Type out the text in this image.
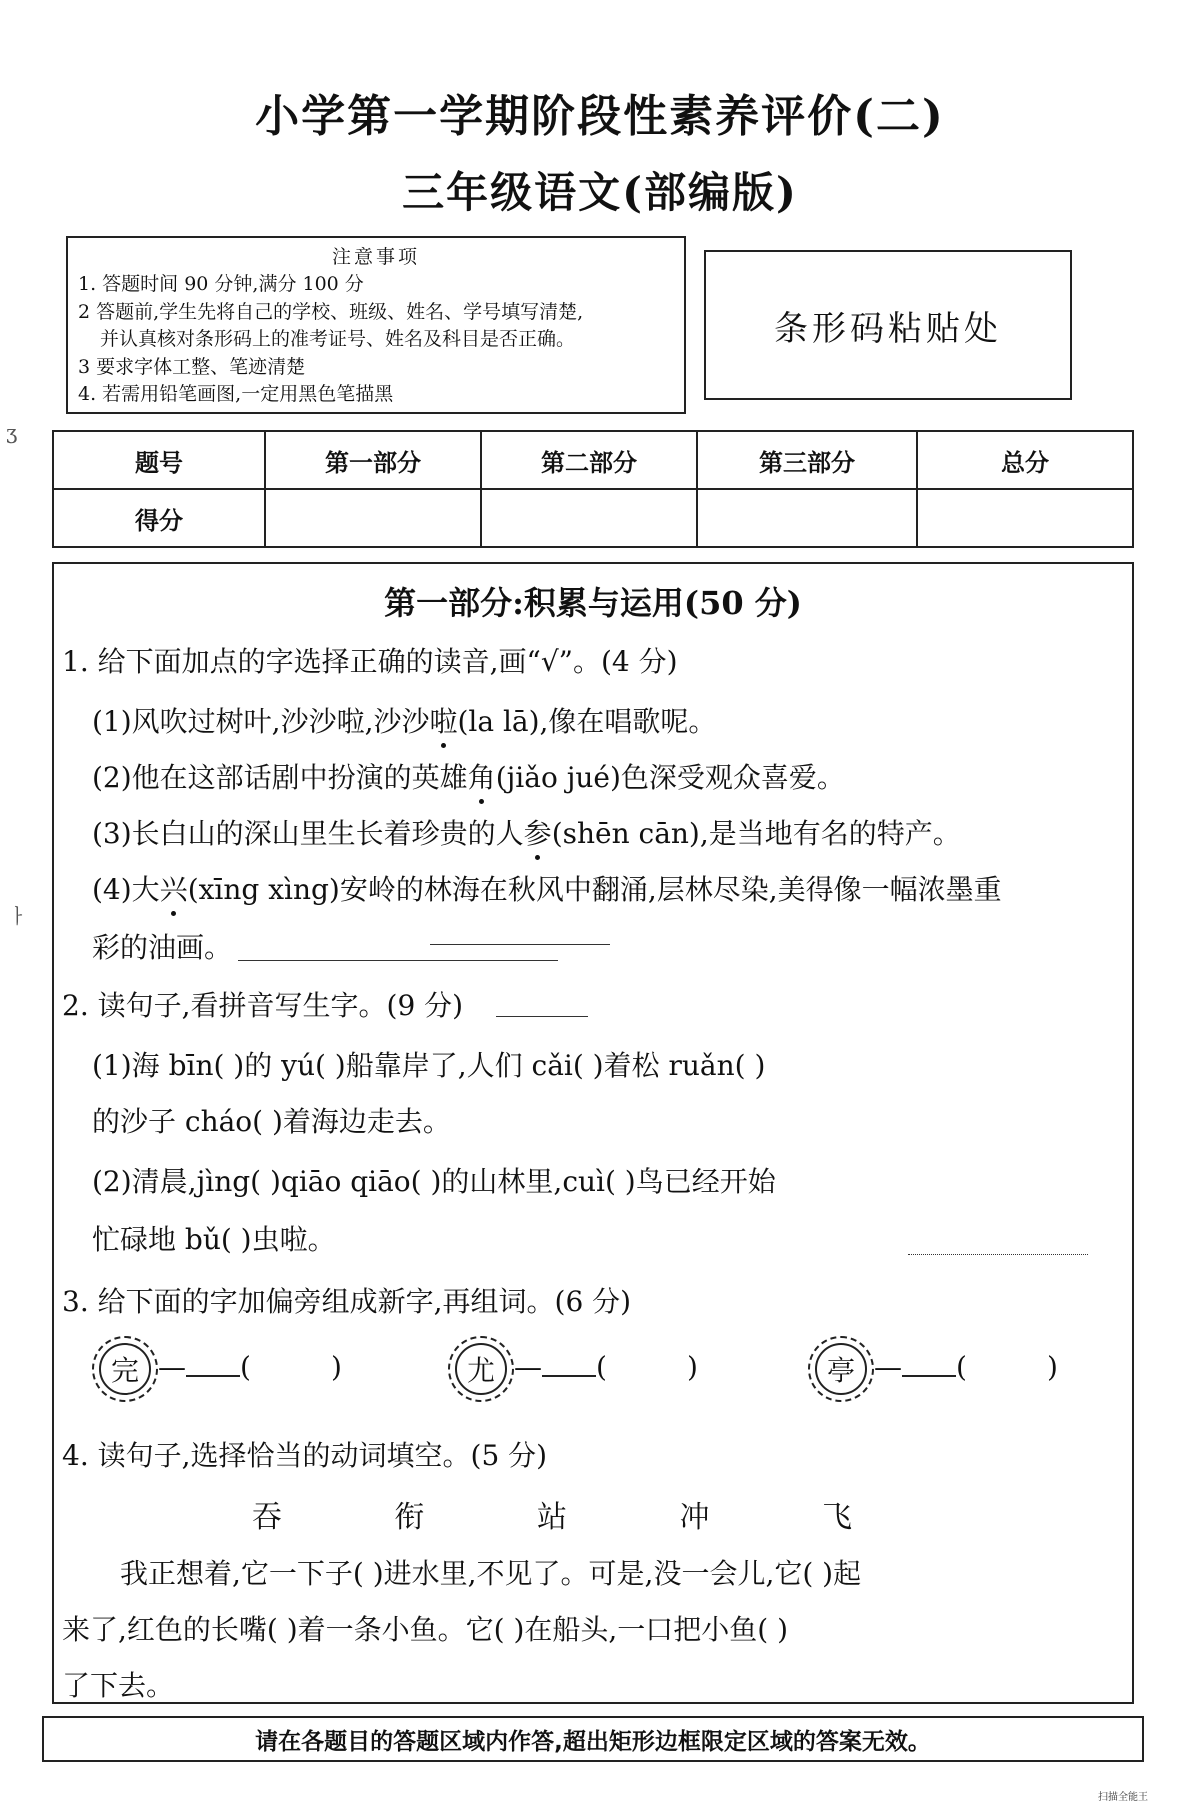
小学第一学期阶段性素养评价(二)
三年级语文(部编版)
注意事项
1. 答题时间 90 分钟,满分 100 分
2 答题前,学生先将自己的学校、班级、姓名、学号填写清楚,
并认真核对条形码上的准考证号、姓名及科目是否正确。
3 要求字体工整、笔迹清楚
4. 若需用铅笔画图,一定用黑色笔描黑
条形码粘贴处
ʒ
ㅏ
题号	第一部分	第二部分	第三部分	总分
得分				
第一部分:积累与运用(50 分)
1. 给下面加点的字选择正确的读音,画“√”。(4 分)
(1)风吹过树叶,沙沙啦,沙沙啦(la lā),像在唱歌呢。
(2)他在这部话剧中扮演的英雄角(jiǎo jué)色深受观众喜爱。
(3)长白山的深山里生长着珍贵的人参(shēn cān),是当地有名的特产。
(4)大兴(xīng xìng)安岭的林海在秋风中翻涌,层林尽染,美得像一幅浓墨重
彩的油画。
2. 读句子,看拼音写生字。(9 分)
(1)海 bīn( )的 yú( )船靠岸了,人们 cǎi( )着松 ruǎn( )
的沙子 cháo( )着海边走去。
(2)清晨,jìng( )qiāo qiāo( )的山林里,cuì( )鸟已经开始
忙碌地 bǔ( )虫啦。
3. 给下面的字加偏旁组成新字,再组词。(6 分)
完 — (         )	尤 — (         )	亭 — (         )
4. 读句子,选择恰当的动词填空。(5 分)
吞	衔	站	冲	飞
我正想着,它一下子( )进水里,不见了。可是,没一会儿,它( )起
来了,红色的长嘴( )着一条小鱼。它( )在船头,一口把小鱼( )
了下去。
请在各题目的答题区域内作答,超出矩形边框限定区域的答案无效。
扫描全能王
